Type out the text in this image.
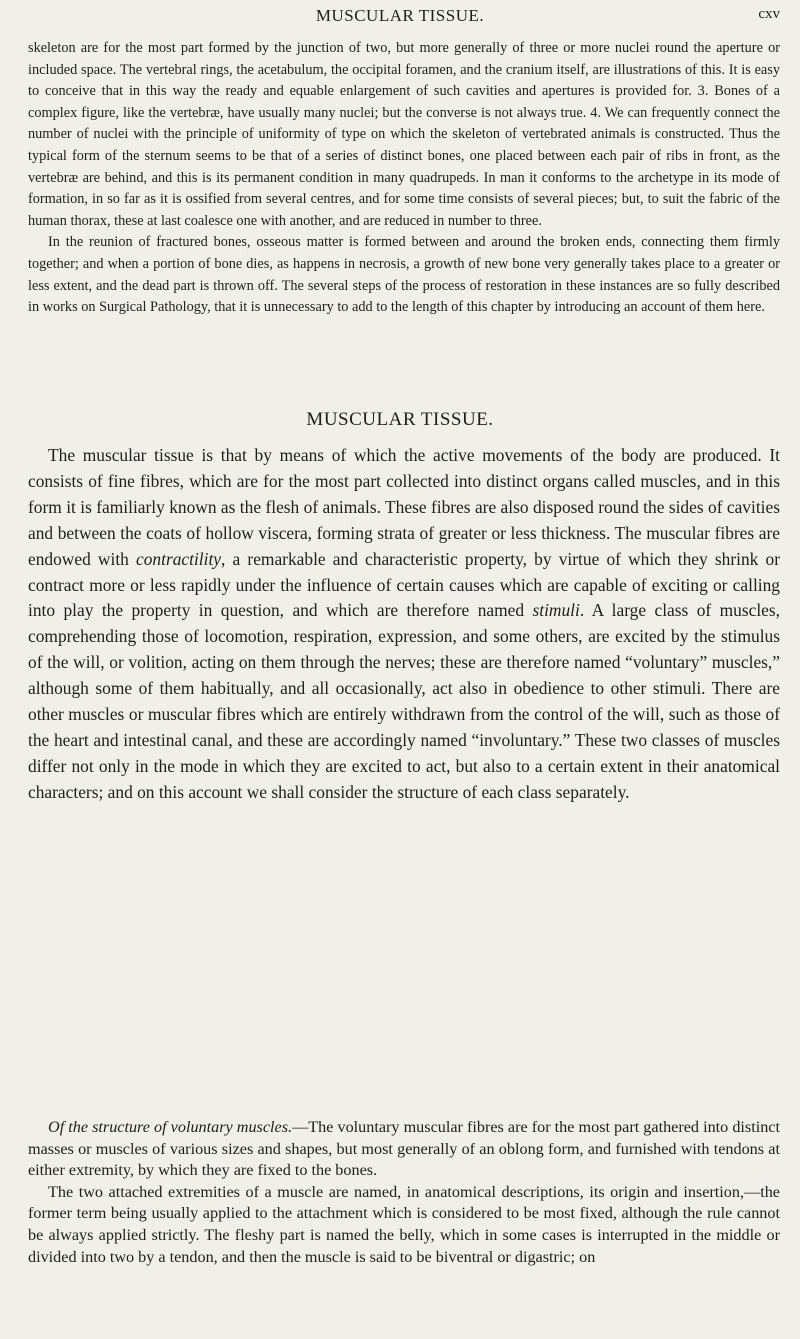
MUSCULAR TISSUE.	cxv

skeleton are for the most part formed by the junction of two, but more generally of three or more nuclei round the aperture or included space. The vertebral rings, the acetabulum, the occipital foramen, and the cranium itself, are illustrations of this. It is easy to conceive that in this way the ready and equable enlargement of such cavities and apertures is provided for. 3. Bones of a complex figure, like the vertebræ, have usually many nuclei; but the converse is not always true. 4. We can frequently connect the number of nuclei with the principle of uniformity of type on which the skeleton of vertebrated animals is constructed. Thus the typical form of the sternum seems to be that of a series of distinct bones, one placed between each pair of ribs in front, as the vertebræ are behind, and this is its permanent condition in many quadrupeds. In man it conforms to the archetype in its mode of formation, in so far as it is ossified from several centres, and for some time consists of several pieces; but, to suit the fabric of the human thorax, these at last coalesce one with another, and are reduced in number to three.

In the reunion of fractured bones, osseous matter is formed between and around the broken ends, connecting them firmly together; and when a portion of bone dies, as happens in necrosis, a growth of new bone very generally takes place to a greater or less extent, and the dead part is thrown off. The several steps of the process of restoration in these instances are so fully described in works on Surgical Pathology, that it is unnecessary to add to the length of this chapter by introducing an account of them here.

MUSCULAR TISSUE.

The muscular tissue is that by means of which the active movements of the body are produced. It consists of fine fibres, which are for the most part collected into distinct organs called muscles, and in this form it is familiarly known as the flesh of animals. These fibres are also disposed round the sides of cavities and between the coats of hollow viscera, forming strata of greater or less thickness. The muscular fibres are endowed with contractility, a remarkable and characteristic property, by virtue of which they shrink or contract more or less rapidly under the influence of certain causes which are capable of exciting or calling into play the property in question, and which are therefore named stimuli. A large class of muscles, comprehending those of locomotion, respiration, expression, and some others, are excited by the stimulus of the will, or volition, acting on them through the nerves; these are therefore named “voluntary” muscles,” although some of them habitually, and all occasionally, act also in obedience to other stimuli. There are other muscles or muscular fibres which are entirely withdrawn from the control of the will, such as those of the heart and intestinal canal, and these are accordingly named “involuntary.” These two classes of muscles differ not only in the mode in which they are excited to act, but also to a certain extent in their anatomical characters; and on this account we shall consider the structure of each class separately.

Of the structure of voluntary muscles.—The voluntary muscular fibres are for the most part gathered into distinct masses or muscles of various sizes and shapes, but most generally of an oblong form, and furnished with tendons at either extremity, by which they are fixed to the bones.

The two attached extremities of a muscle are named, in anatomical descriptions, its origin and insertion,—the former term being usually applied to the attachment which is considered to be most fixed, although the rule cannot be always applied strictly. The fleshy part is named the belly, which in some cases is interrupted in the middle or divided into two by a tendon, and then the muscle is said to be biventral or digastric; on
